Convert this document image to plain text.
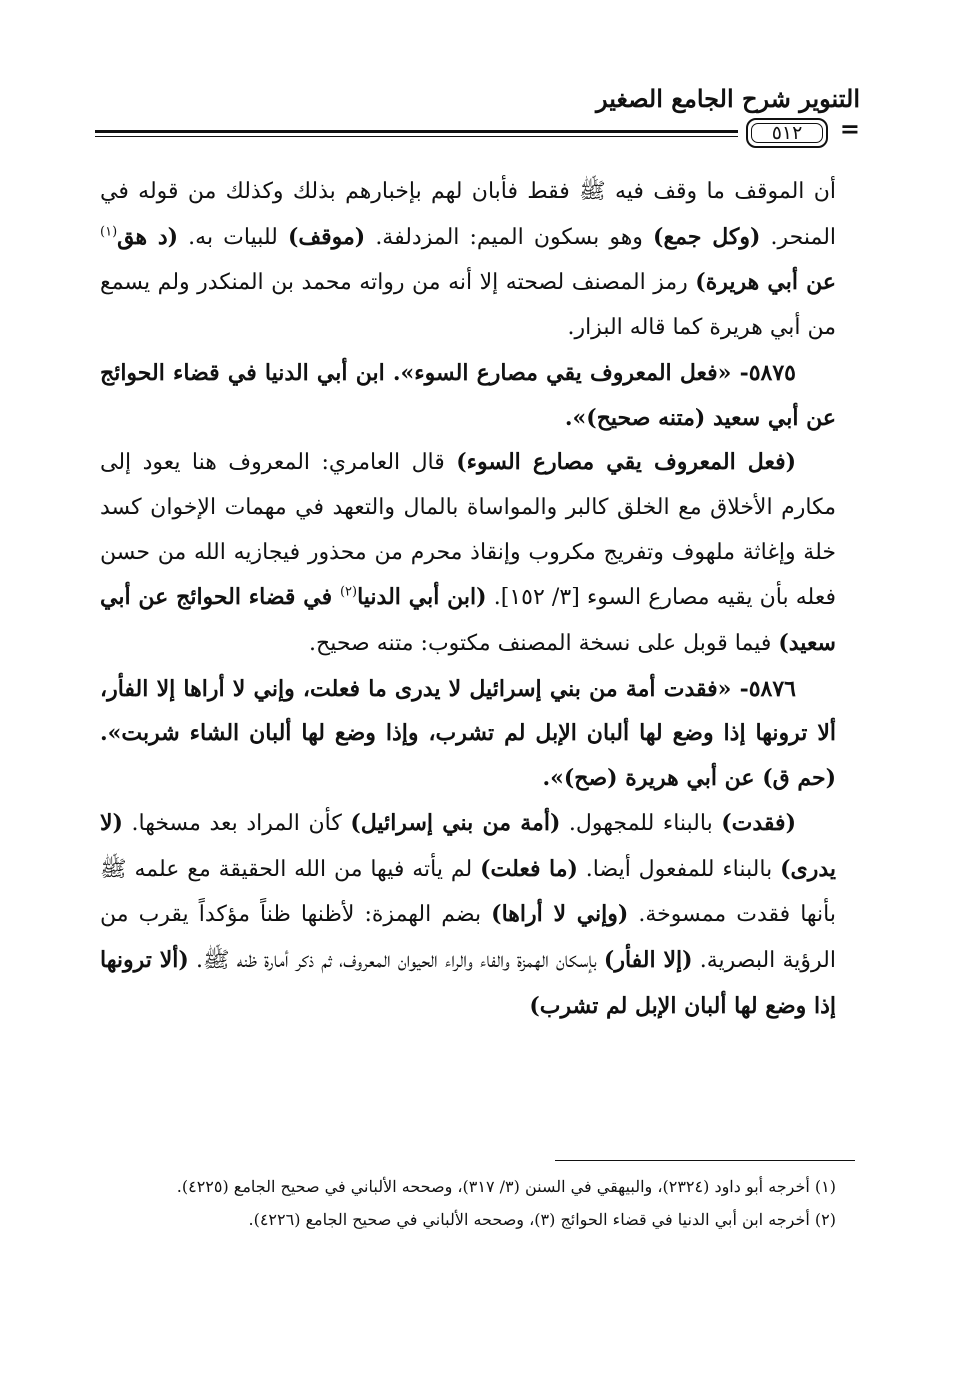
التنوير شرح الجامع الصغير
٥١٢	=

أن الموقف ما وقف فيه ﷺ فقط فأبان لهم بإخبارهم بذلك وكذلك من قوله في المنحر. (وكل جمع) وهو بسكون الميم: المزدلفة. (موقف) للبيات به. (د هق$^{(١)}$ عن أبي هريرة) رمز المصنف لصحته إلا أنه من رواته محمد بن المنكدر ولم يسمع من أبي هريرة كما قاله البزار.

٥٨٧٥- «فعل المعروف يقي مصارع السوء». ابن أبي الدنيا في قضاء الحوائج عن أبي سعيد (متنه صحيح)».

(فعل المعروف يقي مصارع السوء) قال العامري: المعروف هنا يعود إلى مكارم الأخلاق مع الخلق كالبر والمواساة بالمال والتعهد في مهمات الإخوان كسد خلة وإغاثة ملهوف وتفريج مكروب وإنقاذ محرم من محذور فيجازيه الله من حسن فعله بأن يقيه مصارع السوء [٣/ ١٥٢]. (ابن أبي الدنيا$^{(٢)}$ في قضاء الحوائج عن أبي سعيد) فيما قوبل على نسخة المصنف مكتوب: متنه صحيح.

٥٨٧٦- «فقدت أمة من بني إسرائيل لا يدرى ما فعلت، وإني لا أراها إلا الفأر، ألا ترونها إذا وضع لها ألبان الإبل لم تشرب، وإذا وضع لها ألبان الشاء شربت». (حم ق) عن أبي هريرة (صح)».

(فقدت) بالبناء للمجهول. (أمة من بني إسرائيل) كأن المراد بعد مسخها. (لا يدرى) بالبناء للمفعول أيضا. (ما فعلت) لم يأته فيها من الله الحقيقة مع علمه ﷺ بأنها فقدت ممسوخة. (وإني لا أراها) بضم الهمزة: لأظنها ظناً مؤكداً يقرب من الرؤية البصرية. (إلا الفأر) بإسكان الهمزة والفاء والراء الحيوان المعروف، ثم ذكر أمارة ظنه ﷺ. (ألا ترونها إذا وضع لها ألبان الإبل لم تشرب)

(١) أخرجه أبو داود (٢٣٢٤)، والبيهقي في السنن (٣/ ٣١٧)، وصححه الألباني في صحيح الجامع (٤٢٢٥).

(٢) أخرجه ابن أبي الدنيا في قضاء الحوائج (٣)، وصححه الألباني في صحيح الجامع (٤٢٢٦).
